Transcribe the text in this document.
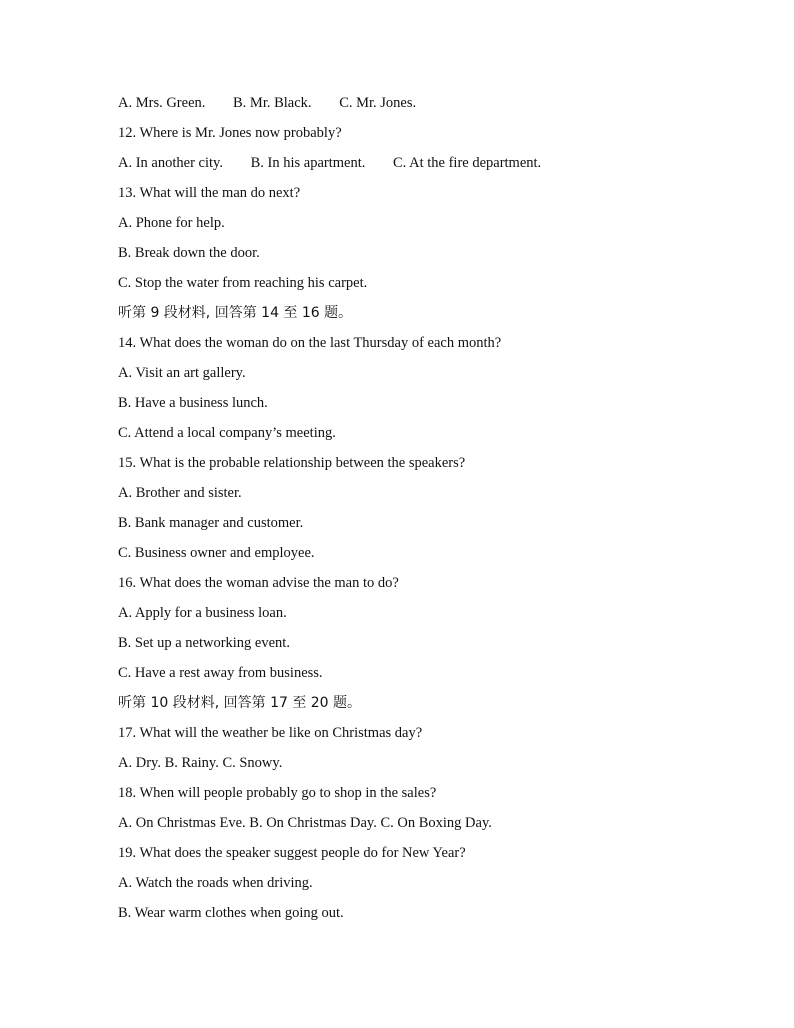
A. Mrs. Green. B. Mr. Black. C. Mr. Jones.
12. Where is Mr. Jones now probably?
A. In another city. B. In his apartment. C. At the fire department.
13. What will the man do next?
A. Phone for help.
B. Break down the door.
C. Stop the water from reaching his carpet.
听第 9 段材料, 回答第 14 至 16 题。
14. What does the woman do on the last Thursday of each month?
A. Visit an art gallery.
B. Have a business lunch.
C. Attend a local company’s meeting.
15. What is the probable relationship between the speakers?
A. Brother and sister.
B. Bank manager and customer.
C. Business owner and employee.
16. What does the woman advise the man to do?
A. Apply for a business loan.
B. Set up a networking event.
C. Have a rest away from business.
听第 10 段材料, 回答第 17 至 20 题。
17. What will the weather be like on Christmas day?
A. Dry. B. Rainy. C. Snowy.
18. When will people probably go to shop in the sales?
A. On Christmas Eve. B. On Christmas Day. C. On Boxing Day.
19. What does the speaker suggest people do for New Year?
A. Watch the roads when driving.
B. Wear warm clothes when going out.
